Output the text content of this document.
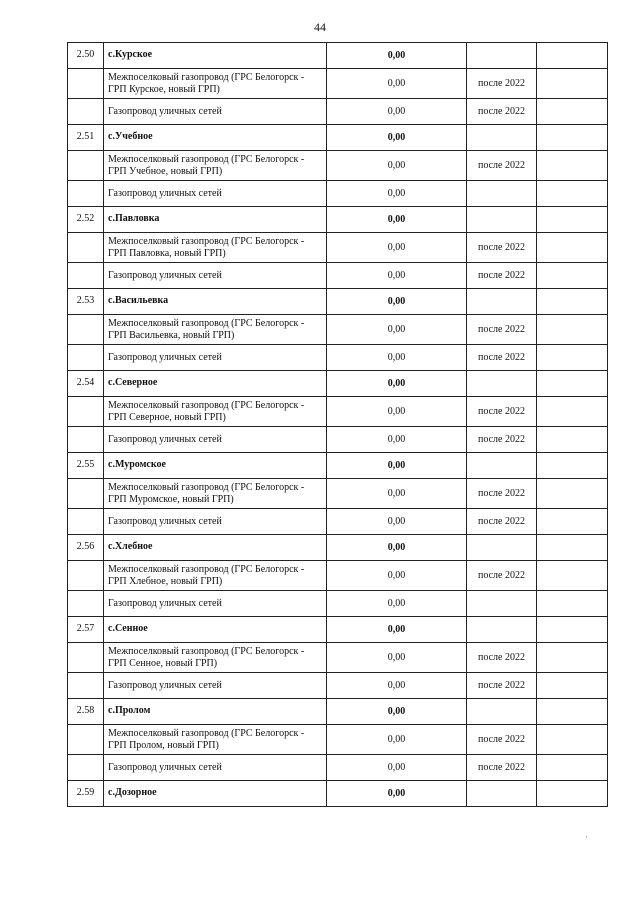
44
2.50	с.Курское	0,00		
	Межпоселковый газопровод (ГРС Белогорск - ГРП Курское, новый ГРП)	0,00	после 2022	
	Газопровод уличных сетей	0,00	после 2022	
2.51	с.Учебное	0,00		
	Межпоселковый газопровод (ГРС Белогорск - ГРП Учебное, новый ГРП)	0,00	после 2022	
	Газопровод уличных сетей	0,00		
2.52	с.Павловка	0,00		
	Межпоселковый газопровод (ГРС Белогорск - ГРП Павловка, новый ГРП)	0,00	после 2022	
	Газопровод уличных сетей	0,00	после 2022	
2.53	с.Васильевка	0,00		
	Межпоселковый газопровод (ГРС Белогорск - ГРП Васильевка, новый ГРП)	0,00	после 2022	
	Газопровод уличных сетей	0,00	после 2022	
2.54	с.Северное	0,00		
	Межпоселковый газопровод (ГРС Белогорск - ГРП Северное, новый ГРП)	0,00	после 2022	
	Газопровод уличных сетей	0,00	после 2022	
2.55	с.Муромское	0,00		
	Межпоселковый газопровод (ГРС Белогорск - ГРП Муромское, новый ГРП)	0,00	после 2022	
	Газопровод уличных сетей	0,00	после 2022	
2.56	с.Хлебное	0,00		
	Межпоселковый газопровод (ГРС Белогорск - ГРП Хлебное, новый ГРП)	0,00	после 2022	
	Газопровод уличных сетей	0,00		
2.57	с.Сенное	0,00		
	Межпоселковый газопровод (ГРС Белогорск - ГРП Сенное, новый ГРП)	0,00	после 2022	
	Газопровод уличных сетей	0,00	после 2022	
2.58	с.Пролом	0,00		
	Межпоселковый газопровод (ГРС Белогорск - ГРП Пролом, новый ГРП)	0,00	после 2022	
	Газопровод уличных сетей	0,00	после 2022	
2.59	с.Дозорное	0,00		
·
